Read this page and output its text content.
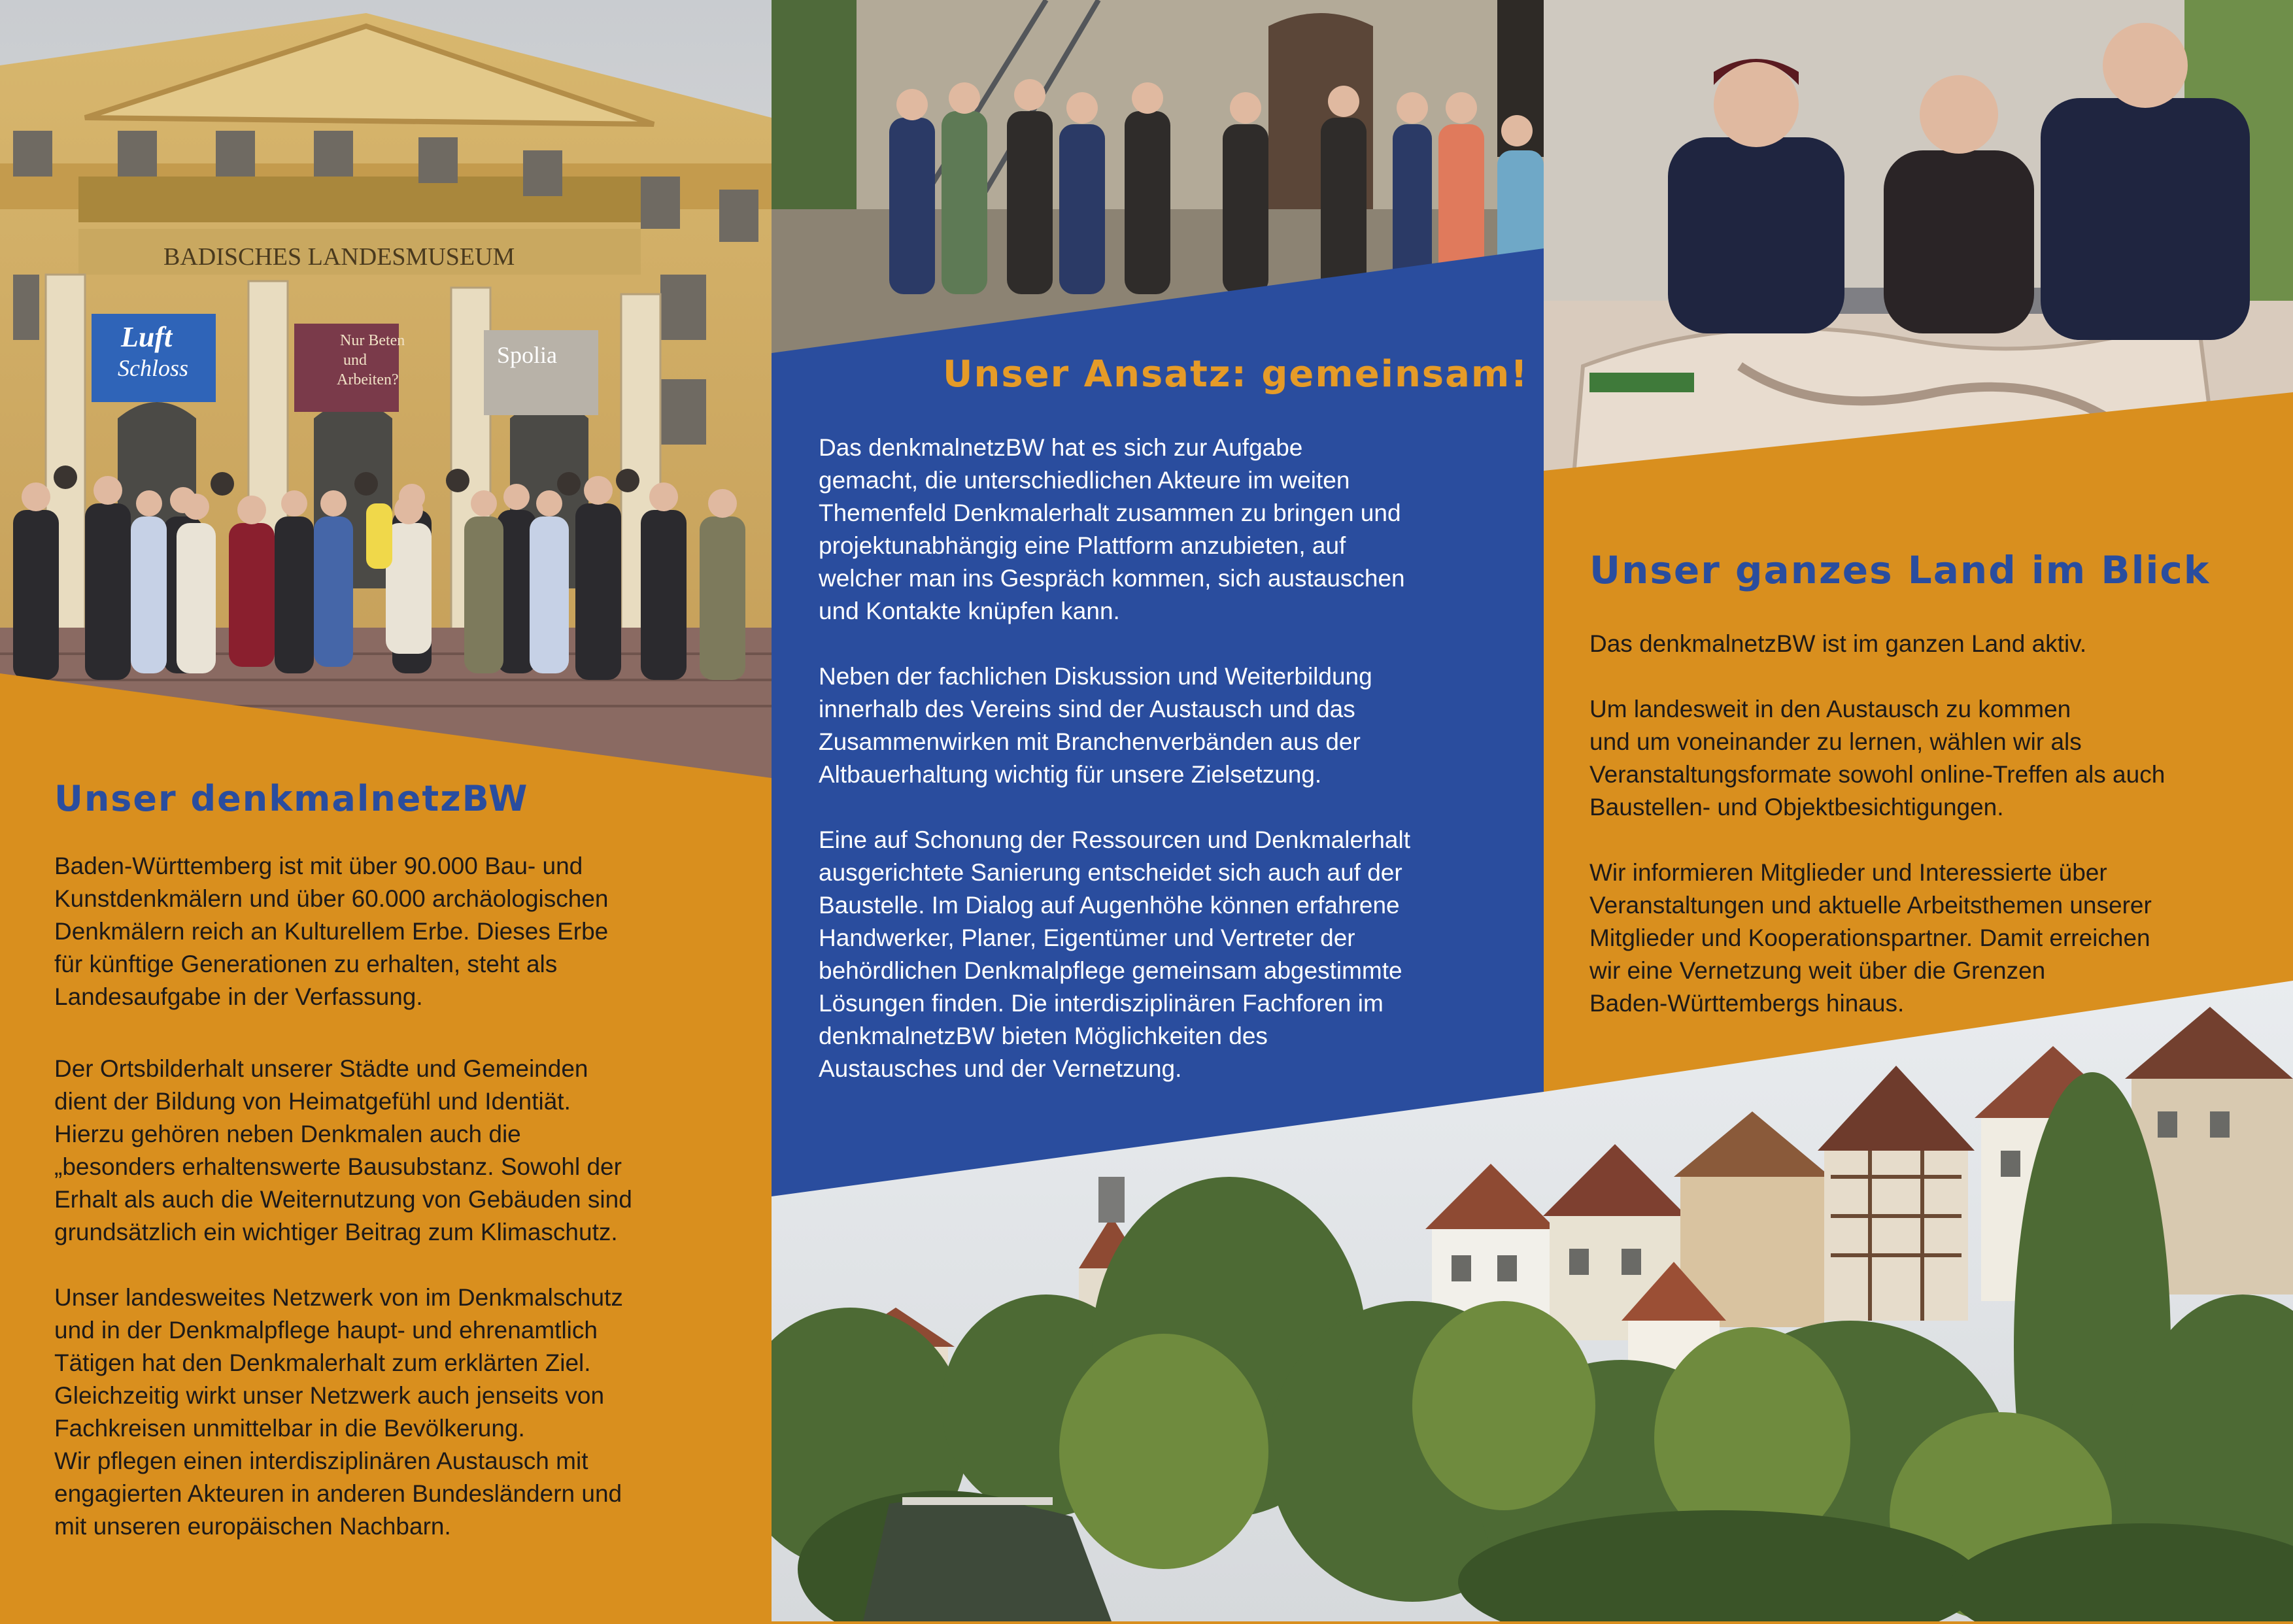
BADISCHES LANDESMUSEUM
Luft
Schloss
Nur Beten
und
Arbeiten?
Spolia
Unser denkmalnetzBW

Baden-Württemberg ist mit über 90.000 Bau- und
Kunstdenkmälern und über 60.000 archäologischen
Denkmälern reich an Kulturellem Erbe. Dieses Erbe
für künftige Generationen zu erhalten, steht als
Landesaufgabe in der Verfassung.

Der Ortsbilderhalt unserer Städte und Gemeinden
dient der Bildung von Heimatgefühl und Identiät.
Hierzu gehören neben Denkmalen auch die
„besonders erhaltenswerte Bausubstanz. Sowohl der
Erhalt als auch die Weiternutzung von Gebäuden sind
grundsätzlich ein wichtiger Beitrag zum Klimaschutz.

Unser landesweites Netzwerk von im Denkmalschutz
und in der Denkmalpflege haupt- und ehrenamtlich
Tätigen hat den Denkmalerhalt zum erklärten Ziel.
Gleichzeitig wirkt unser Netzwerk auch jenseits von
Fachkreisen unmittelbar in die Bevölkerung.
Wir pflegen einen interdisziplinären Austausch mit
engagierten Akteuren in anderen Bundesländern und
mit unseren europäischen Nachbarn.

Unser Ansatz: gemeinsam!

Das denkmalnetzBW hat es sich zur Aufgabe
gemacht, die unterschiedlichen Akteure im weiten
Themenfeld Denkmalerhalt zusammen zu bringen und
projektunabhängig eine Plattform anzubieten, auf
welcher man ins Gespräch kommen, sich austauschen
und Kontakte knüpfen kann.

Neben der fachlichen Diskussion und Weiterbildung
innerhalb des Vereins sind der Austausch und das
Zusammenwirken mit Branchenverbänden aus der
Altbauerhaltung wichtig für unsere Zielsetzung.

Eine auf Schonung der Ressourcen und Denkmalerhalt
ausgerichtete Sanierung entscheidet sich auch auf der
Baustelle. Im Dialog auf Augenhöhe können erfahrene
Handwerker, Planer, Eigentümer und Vertreter der
behördlichen Denkmalpflege gemeinsam abgestimmte
Lösungen finden. Die interdisziplinären Fachforen im
denkmalnetzBW bieten Möglichkeiten des
Austausches und der Vernetzung.

Unser ganzes Land im Blick

Das denkmalnetzBW ist im ganzen Land aktiv.

Um landesweit in den Austausch zu kommen
und um voneinander zu lernen, wählen wir als
Veranstaltungsformate sowohl online-Treffen als auch
Baustellen- und Objektbesichtigungen.

Wir informieren Mitglieder und Interessierte über
Veranstaltungen und aktuelle Arbeitsthemen unserer
Mitglieder und Kooperationspartner. Damit erreichen
wir eine Vernetzung weit über die Grenzen
Baden-Württembergs hinaus.
